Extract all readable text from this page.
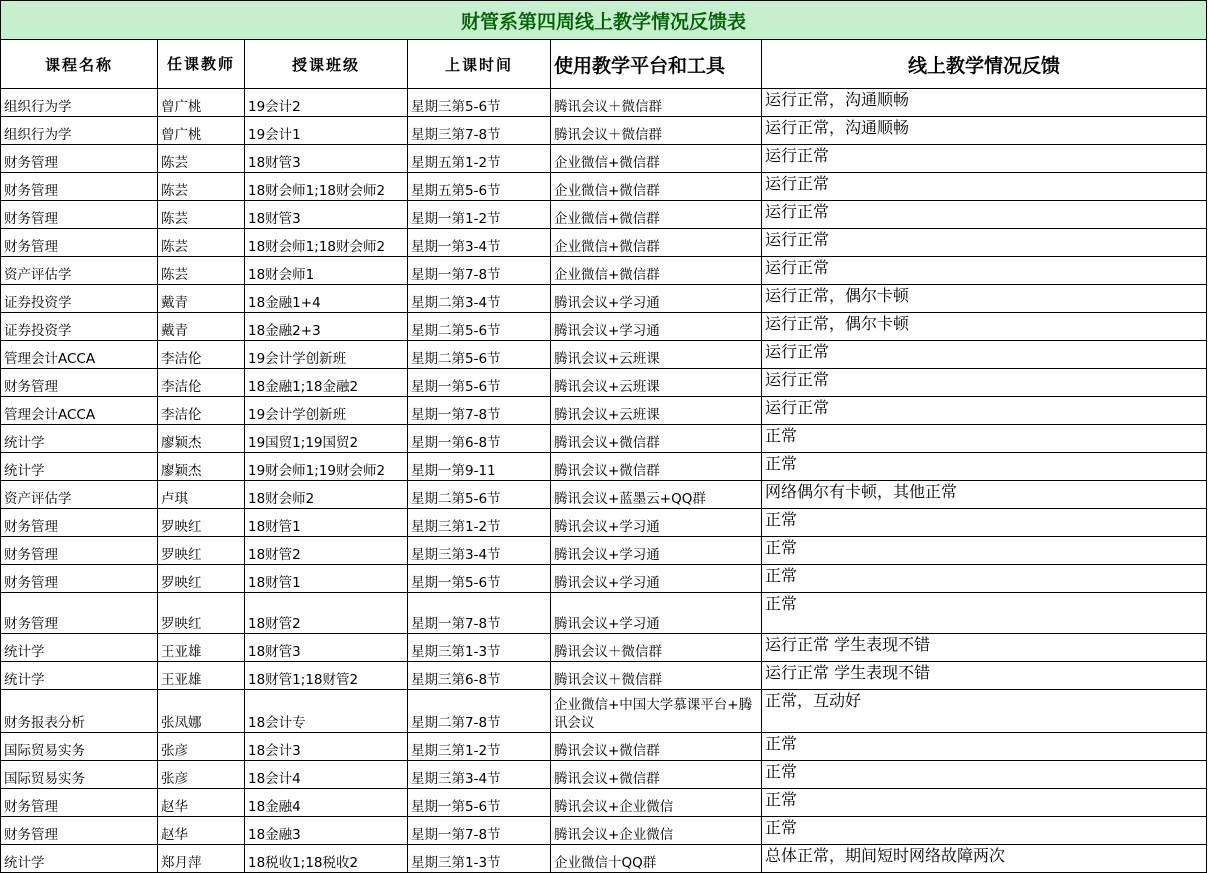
财管系第四周线上教学情况反馈表					
课程名称	任课教师	授课班级	上课时间	使用教学平台和工具	线上教学情况反馈
组织行为学	曾广桃	19会计2	星期三第5-6节	腾讯会议＋微信群	运行正常，沟通顺畅
组织行为学	曾广桃	19会计1	星期三第7-8节	腾讯会议＋微信群	运行正常，沟通顺畅
财务管理	陈芸	18财管3	星期五第1-2节	企业微信+微信群	运行正常
财务管理	陈芸	18财会师1;18财会师2	星期五第5-6节	企业微信+微信群	运行正常
财务管理	陈芸	18财管3	星期一第1-2节	企业微信+微信群	运行正常
财务管理	陈芸	18财会师1;18财会师2	星期一第3-4节	企业微信+微信群	运行正常
资产评估学	陈芸	18财会师1	星期一第7-8节	企业微信+微信群	运行正常
证券投资学	戴青	18金融1+4	星期二第3-4节	腾讯会议+学习通	运行正常，偶尔卡顿
证券投资学	戴青	18金融2+3	星期二第5-6节	腾讯会议+学习通	运行正常，偶尔卡顿
管理会计ACCA	李洁伦	19会计学创新班	星期二第5-6节	腾讯会议+云班课	运行正常
财务管理	李洁伦	18金融1;18金融2	星期一第5-6节	腾讯会议+云班课	运行正常
管理会计ACCA	李洁伦	19会计学创新班	星期一第7-8节	腾讯会议+云班课	运行正常
统计学	廖颖杰	19国贸1;19国贸2	星期一第6-8节	腾讯会议+微信群	正常
统计学	廖颖杰	19财会师1;19财会师2	星期一第9-11	腾讯会议+微信群	正常
资产评估学	卢琪	18财会师2	星期二第5-6节	腾讯会议+蓝墨云+QQ群	网络偶尔有卡顿，其他正常
财务管理	罗映红	18财管1	星期三第1-2节	腾讯会议+学习通	正常
财务管理	罗映红	18财管2	星期三第3-4节	腾讯会议+学习通	正常
财务管理	罗映红	18财管1	星期一第5-6节	腾讯会议+学习通	正常
财务管理	罗映红	18财管2	星期一第7-8节	腾讯会议+学习通	正常
统计学	王亚雄	18财管3	星期三第1-3节	腾讯会议＋微信群	运行正常 学生表现不错
统计学	王亚雄	18财管1;18财管2	星期三第6-8节	腾讯会议＋微信群	运行正常 学生表现不错
财务报表分析	张凤娜	18会计专	星期二第7-8节	企业微信+中国大学慕课平台+腾讯会议	正常，互动好
国际贸易实务	张彦	18会计3	星期三第1-2节	腾讯会议+微信群	正常
国际贸易实务	张彦	18会计4	星期三第3-4节	腾讯会议+微信群	正常
财务管理	赵华	18金融4	星期一第5-6节	腾讯会议+企业微信	正常
财务管理	赵华	18金融3	星期一第7-8节	腾讯会议+企业微信	正常
统计学	郑月萍	18税收1;18税收2	星期三第1-3节	企业微信十QQ群	总体正常，期间短时网络故障两次
